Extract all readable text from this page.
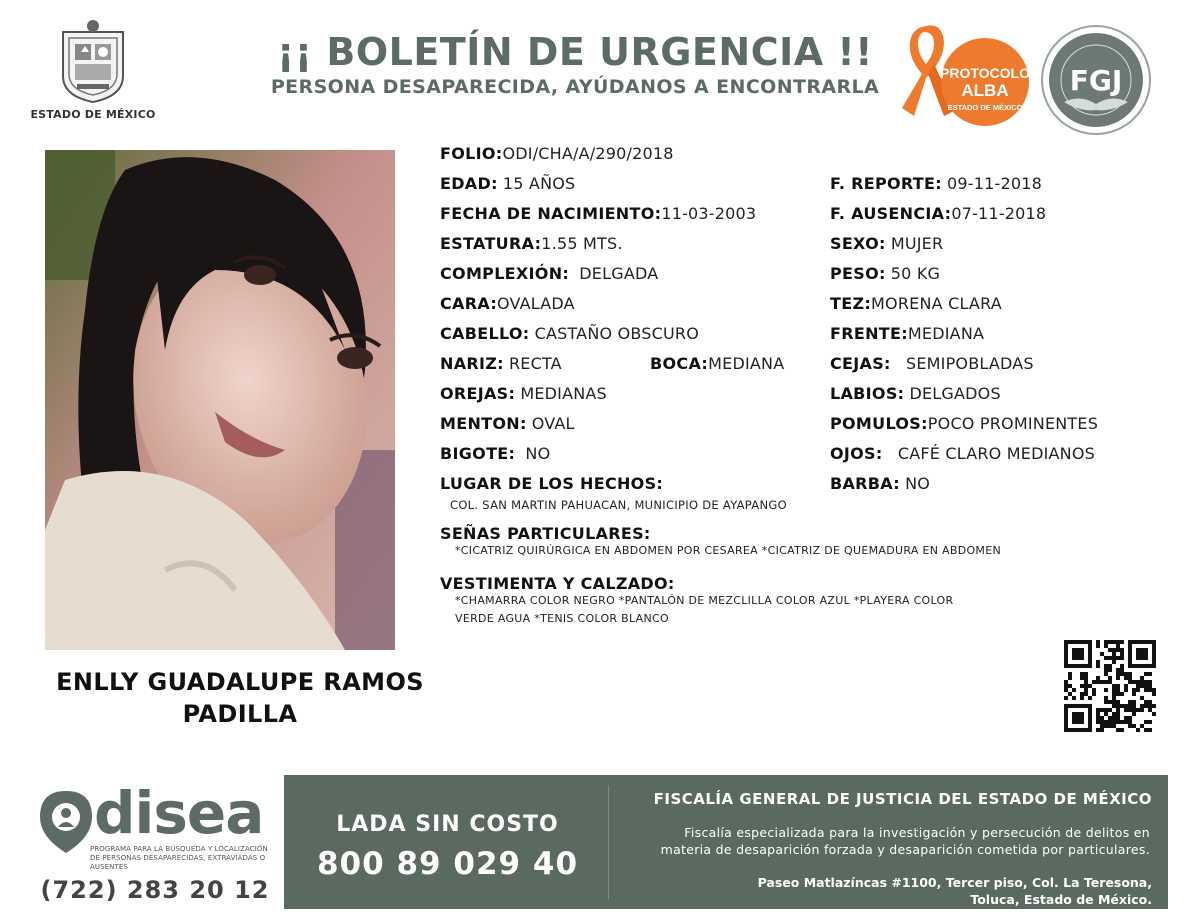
ESTADO DE MÉXICO
¡¡ BOLETÍN DE URGENCIA !!
PERSONA DESAPARECIDA, AYÚDANOS A ENCONTRARLA
PROTOCOLO
ALBA
ESTADO DE MÉXICO
FGJ
ENLLY GUADALUPE RAMOS
PADILLA
FOLIO:ODI/CHA/A/290/2018
EDAD: 15 AÑOS
FECHA DE NACIMIENTO:11-03-2003
ESTATURA:1.55 MTS.
COMPLEXIÓN: DELGADA
CARA:OVALADA
CABELLO: CASTAÑO OBSCURO
NARIZ: RECTA	BOCA:MEDIANA
OREJAS: MEDIANAS
MENTON: OVAL
BIGOTE: NO
LUGAR DE LOS HECHOS:
COL. SAN MARTIN PAHUACAN, MUNICIPIO DE AYAPANGO
SEÑAS PARTICULARES:
*CICATRIZ QUIRÚRGICA EN ABDOMEN POR CESAREA *CICATRIZ DE QUEMADURA EN ABDOMEN
VESTIMENTA Y CALZADO:
*CHAMARRA COLOR NEGRO *PANTALÓN DE MEZCLILLA COLOR AZUL *PLAYERA COLOR
VERDE AGUA *TENIS COLOR BLANCO
F. REPORTE: 09-11-2018
F. AUSENCIA:07-11-2018
SEXO: MUJER
PESO: 50 KG
TEZ:MORENA CLARA
FRENTE:MEDIANA
CEJAS: SEMIPOBLADAS
LABIOS: DELGADOS
POMULOS:POCO PROMINENTES
OJOS: CAFÉ CLARO MEDIANOS
BARBA: NO
disea
PROGRAMA PARA LA BÚSQUEDA Y LOCALIZACIÓN
DE PERSONAS DESAPARECIDAS, EXTRAVIADAS O
AUSENTES
(722) 283 20 12
LADA SIN COSTO
800 89 029 40
FISCALÍA GENERAL DE JUSTICIA DEL ESTADO DE MÉXICO
Fiscalía especializada para la investigación y persecución de delitos en
materia de desaparición forzada y desaparición cometida por particulares.
Paseo Matlazíncas #1100, Tercer piso, Col. La Teresona,
Toluca, Estado de México.
